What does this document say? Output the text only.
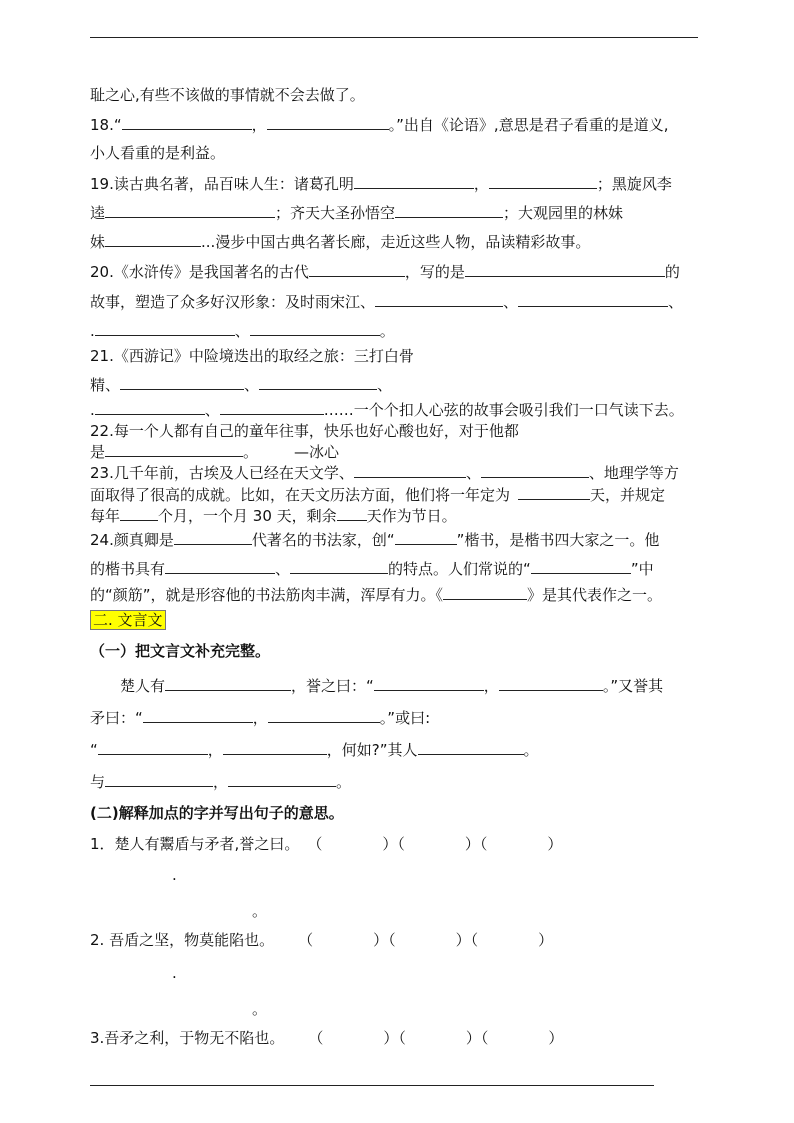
耻之心,有些不该做的事情就不会去做了。
18.“	，	。”出自《论语》,意思是君子看重的是道义,
小人看重的是利益。
19.读古典名著，品百味人生：诸葛孔明	，	；黑旋风李
逵	；齐天大圣孙悟空	；大观园里的林妹
妹	...漫步中国古典名著长廊，走近这些人物，品读精彩故事。
20.《水浒传》是我国著名的古代	，写的是	的
故事，塑造了众多好汉形象：及时雨宋江、	、	、
.	、	。
21.《西游记》中险境迭出的取经之旅：三打白骨
精、	、	、
.	、	……一个个扣人心弦的故事会吸引我们一口气读下去。
22.每一个人都有自己的童年往事，快乐也好心酸也好，对于他都
是	。 —冰心
23.几千年前，古埃及人已经在天文学、	、	、地理学等方
面取得了很高的成就。比如，在天文历法方面，他们将一年定为	天，并规定
每年	个月，一个月 30 天，剩余 天作为节日。
24.颜真卿是	代著名的书法家，创“	”楷书，是楷书四大家之一。他
的楷书具有	、	的特点。人们常说的“	”中
的“颜筋”，就是形容他的书法筋肉丰满，浑厚有力。《	》是其代表作之一。
二. 文言文
（一）把文言文补充完整。
楚人有	，誉之曰：“	，	。”又誉其
矛曰：“	，	。”或曰:
“	，	，何如?”其人	。
与	，	。
(二)解释加点的字并写出句子的意思。
1．楚人有鬻盾与矛者,誉之曰。 （　　　　）（　　　　）（　　　　）
.
。
2. 吾盾之坚，物莫能陷也。 （　　　　）（　　　　）（　　　　）
.
。
3.吾矛之利，于物无不陷也。 （　　　　）（　　　　）（　　　　）
